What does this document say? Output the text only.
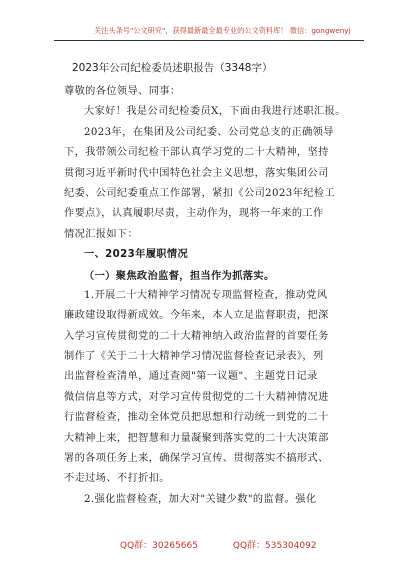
关注头条号"公文研究"，获得最新最全最专业的公文资料库！ 微信：gongwenyj
2023年公司纪检委员述职报告（3348字）
尊敬的各位领导、同事：
大家好！我是公司纪检委员X，下面由我进行述职汇报。
2023年，在集团及公司纪委、公司党总支的正确领导
下，我带领公司纪检干部认真学习党的二十大精神，坚持
贯彻习近平新时代中国特色社会主义思想，落实集团公司
纪委、公司纪委重点工作部署，紧扣《公司2023年纪检工
作要点》，认真履职尽责，主动作为，现将一年来的工作
情况汇报如下：
一、2023年履职情况
（一）聚焦政治监督，担当作为抓落实。
1.开展二十大精神学习情况专项监督检查，推动党风
廉政建设取得新成效。今年来，本人立足监督职责，把深
入学习宣传贯彻党的二十大精神纳入政治监督的首要任务
制作了《关于二十大精神学习情况监督检查记录表》，列
出监督检查清单，通过查阅"第一议题"、主题党日记录
微信信息等方式，对学习宣传贯彻党的二十大精神情况进
行监督检查，推动全体党员把思想和行动统一到党的二十
大精神上来，把智慧和力量凝聚到落实党的二十大决策部
署的各项任务上来，确保学习宣传、贯彻落实不搞形式、
不走过场、不打折扣。
2.强化监督检查，加大对"关键少数"的监督。强化
QQ群：30265665	QQ群：535304092
